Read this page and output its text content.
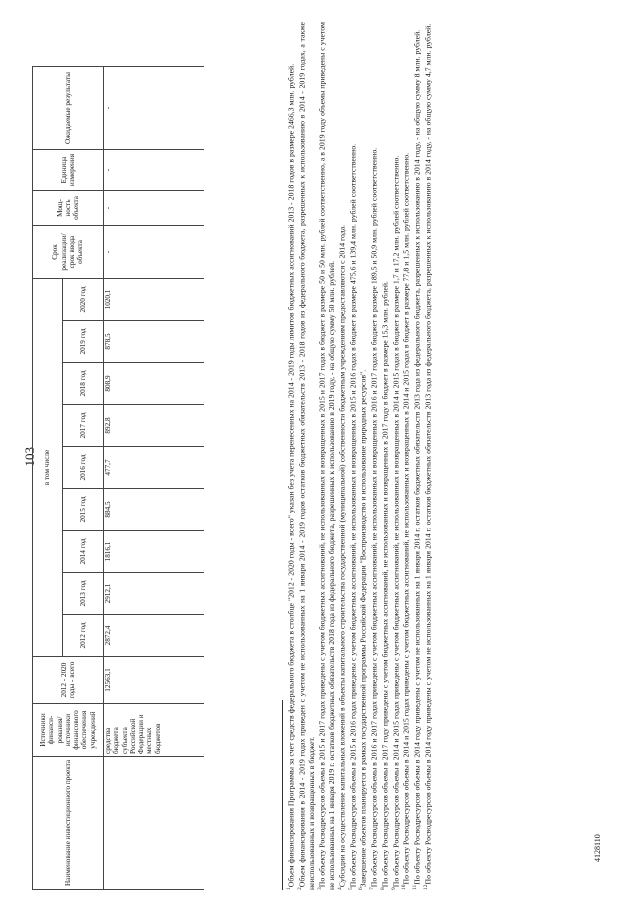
103
4128110
Наименование инвестиционного проекта	Источники финанси-рования/ источники финансового обеспечения учреждений	2012 - 2020 годы - всего	в том числе									Срок реализации/ срок ввода объекта	Мощ-ность объекта	Единица измерения	Ожидаемые результаты
			2012 год	2013 год	2014 год	2015 год	2016 год	2017 год	2018 год	2019 год	2020 год				
	средства бюджета субъекта Российской Федерации и местных бюджетов	12563,1	2872,4	2912,1	1816,1	884,5	477,7	892,8	808,9	878,5	1020,1	-	-	-	-

$^1$Объем финансирования Программы за счет средств федерального бюджета в столбце "2012 - 2020 годы - всего" указан без учета перенесенных на 2014 - 2019 годы лимитов бюджетных ассигнований 2013 - 2018 годов в размере 2466,3 млн. рублей.

$^2$Объем финансирования в 2014 - 2019 годах приведен с учетом не использованных на 1 января 2014 - 2019 годов остатков бюджетных обязательств 2013 - 2018 годов из федерального бюджета, разрешенных к использованию в 2014 - 2019 годах, а также неиспользованных и возвращенных в бюджет. $^3$По объекту Росводресурсов объемы в 2015 и 2017 годах приведены с учетом бюджетных ассигнований, не использованных и возвращенных в 2015 и 2017 годах в бюджет в размере 50 и 50 млн. рублей соответственно, а в 2019 году объемы приведены с учетом не использованных на 1 января 2019 г. остатков бюджетных обязательств 2018 года из федерального бюджета, разрешенных к использованию в 2019 году, - на общую сумму 50 млн. рублей. $^4$Субсидии на осуществление капитальных вложений в объекты капитального строительства государственной (муниципальной) собственности бюджетным учреждениям предоставляются с 2014 года.

$^5$По объекту Росводресурсов объемы в 2015 и 2016 годах приведены с учетом бюджетных ассигнований, не использованных и возвращенных в 2015 и 2016 годах в бюджет в размере 475,6 и 139,4 млн. рублей соответственно.

$^6$Завершение объектов планируется в рамках государственной программы Российской Федерации "Воспроизводство и использование природных ресурсов".

$^7$По объекту Росводресурсов объемы в 2016 и 2017 годах приведены с учетом бюджетных ассигнований, не использованных и возвращенных в 2016 и 2017 годах в бюджет в размере 189,5 и 50,9 млн. рублей соответственно.

$^8$По объекту Росводресурсов объемы в 2017 году приведены с учетом бюджетных ассигнований, не использованных и возвращенных в 2017 году в бюджет в размере 15,3 млн. рублей.

$^9$По объекту Росводресурсов объемы в 2014 и 2015 годах приведены с учетом бюджетных ассигнований, не использованных и возвращенных в 2014 и 2015 годах в бюджет в размере 1,7 и 17,2 млн. рублей соответственно. $^{10}$По объекту Росводресурсов объемы в 2014 и 2015 годах приведены с учетом бюджетных ассигнований, не использованных и возвращенных в 2014 и 2015 годах в бюджет в размере 77,8 и 1,5 млн. рублей соответственно.

$^{11}$По объекту Росводресурсов объемы в 2014 году приведены с учетом не использованных на 1 января 2014 г. остатков бюджетных обязательств 2013 года из федерального бюджета, разрешенных к использованию в 2014 году, - на общую сумму 8 млн. рублей.

$^{12}$По объекту Росводресурсов объемы в 2014 году приведены с учетом не использованных на 1 января 2014 г. остатков бюджетных обязательств 2013 года из федерального бюджета, разрешенных к использованию в 2014 году, - на общую сумму 4,7 млн. рублей.
